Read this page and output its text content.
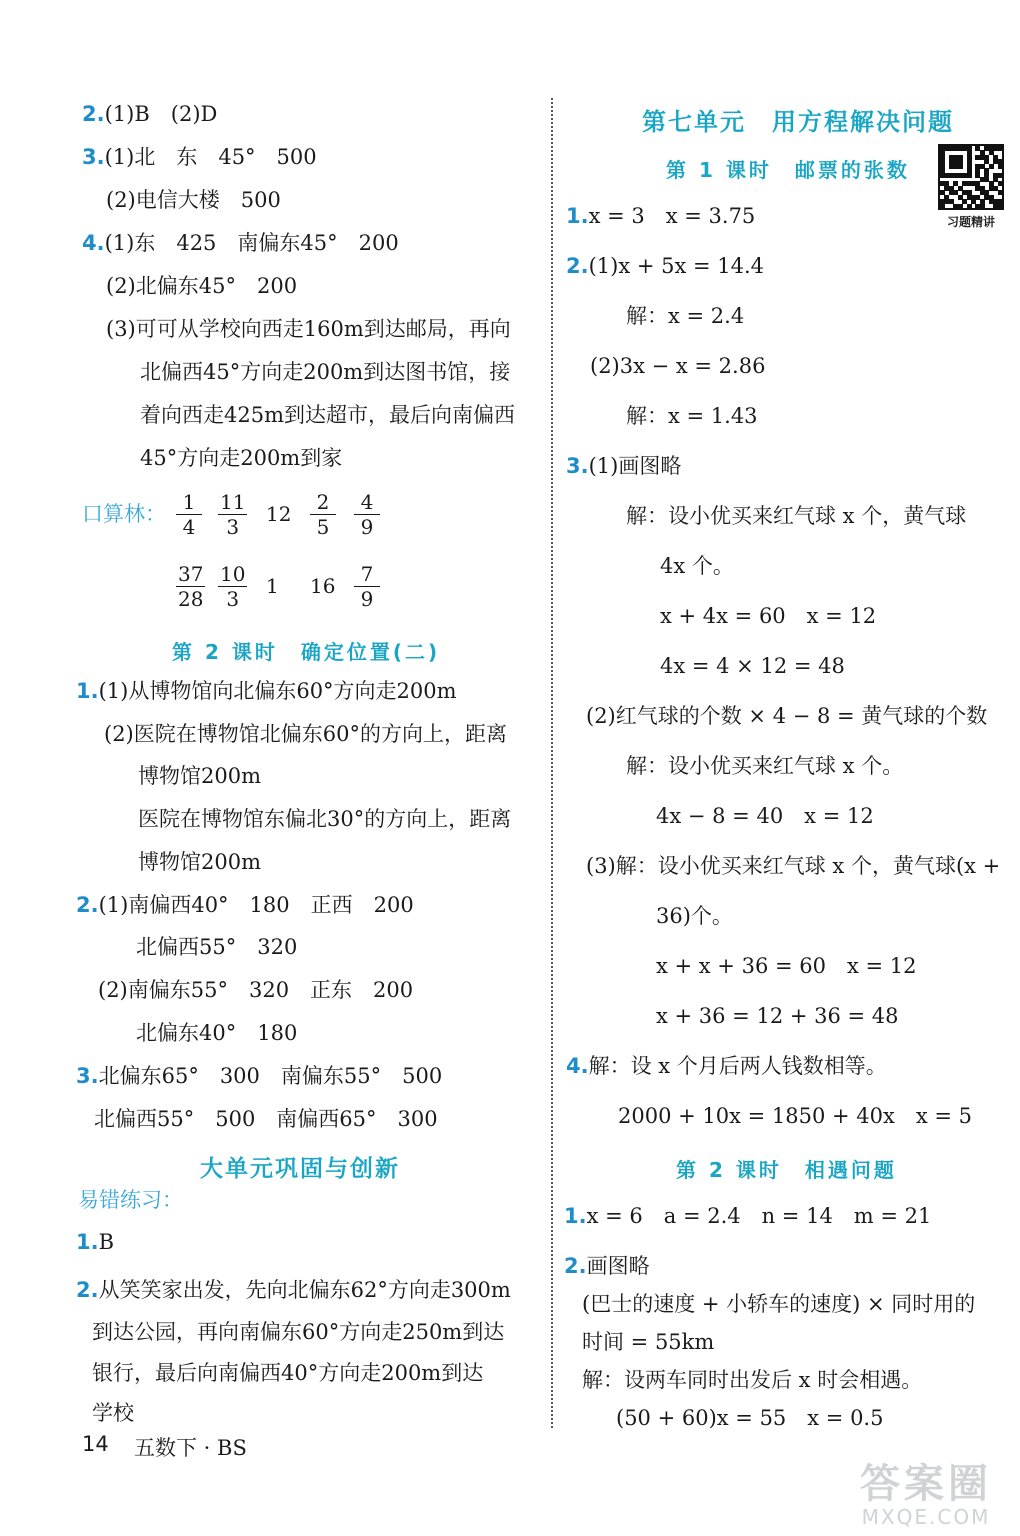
2.(1)B　(2)D
3.(1)北　东　45°　500
(2)电信大楼　500
4.(1)东　425　南偏东45°　200
(2)北偏东45°　200
(3)可可从学校向西走160m到达邮局，再向
北偏西45°方向走200m到达图书馆，接
着向西走425m到达超市，最后向南偏西
45°方向走200m到家
口算林：
第 2 课时　确定位置(二)
1.(1)从博物馆向北偏东60°方向走200m
(2)医院在博物馆北偏东60°的方向上，距离
博物馆200m
医院在博物馆东偏北30°的方向上，距离
博物馆200m
2.(1)南偏西40°　180　正西　200
北偏西55°　320
(2)南偏东55°　320　正东　200
北偏东40°　180
3.北偏东65°　300　南偏东55°　500
北偏西55°　500　南偏西65°　300
大单元巩固与创新
易错练习：
1.B
2.从笑笑家出发，先向北偏东62°方向走300m
到达公园，再向南偏东60°方向走250m到达
银行，最后向南偏西40°方向走200m到达
学校
1
4
11
3
12 2
5
4
9
37
28
10
3
1 16 7
9
第七单元　用方程解决问题
第 1 课时　邮票的张数
1.x = 3　x = 3.75
2.(1)x + 5x = 14.4
解：x = 2.4
(2)3x − x = 2.86
解：x = 1.43
3.(1)画图略
解：设小优买来红气球 x 个，黄气球
4x 个。
x + 4x = 60　x = 12
4x = 4 × 12 = 48
(2)红气球的个数 × 4 − 8 = 黄气球的个数
解：设小优买来红气球 x 个。
4x − 8 = 40　x = 12
(3)解：设小优买来红气球 x 个，黄气球(x +
36)个。
x + x + 36 = 60　x = 12
x + 36 = 12 + 36 = 48
4.解：设 x 个月后两人钱数相等。
2000 + 10x = 1850 + 40x　x = 5
第 2 课时　相遇问题
1.x = 6　a = 2.4　n = 14　m = 21
2.画图略
(巴士的速度 + 小轿车的速度) × 同时用的
时间 = 55km
解：设两车同时出发后 x 时会相遇。
(50 + 60)x = 55　x = 0.5
习题精讲
14 五数下 · BS
答案圈
MXQE.COM
